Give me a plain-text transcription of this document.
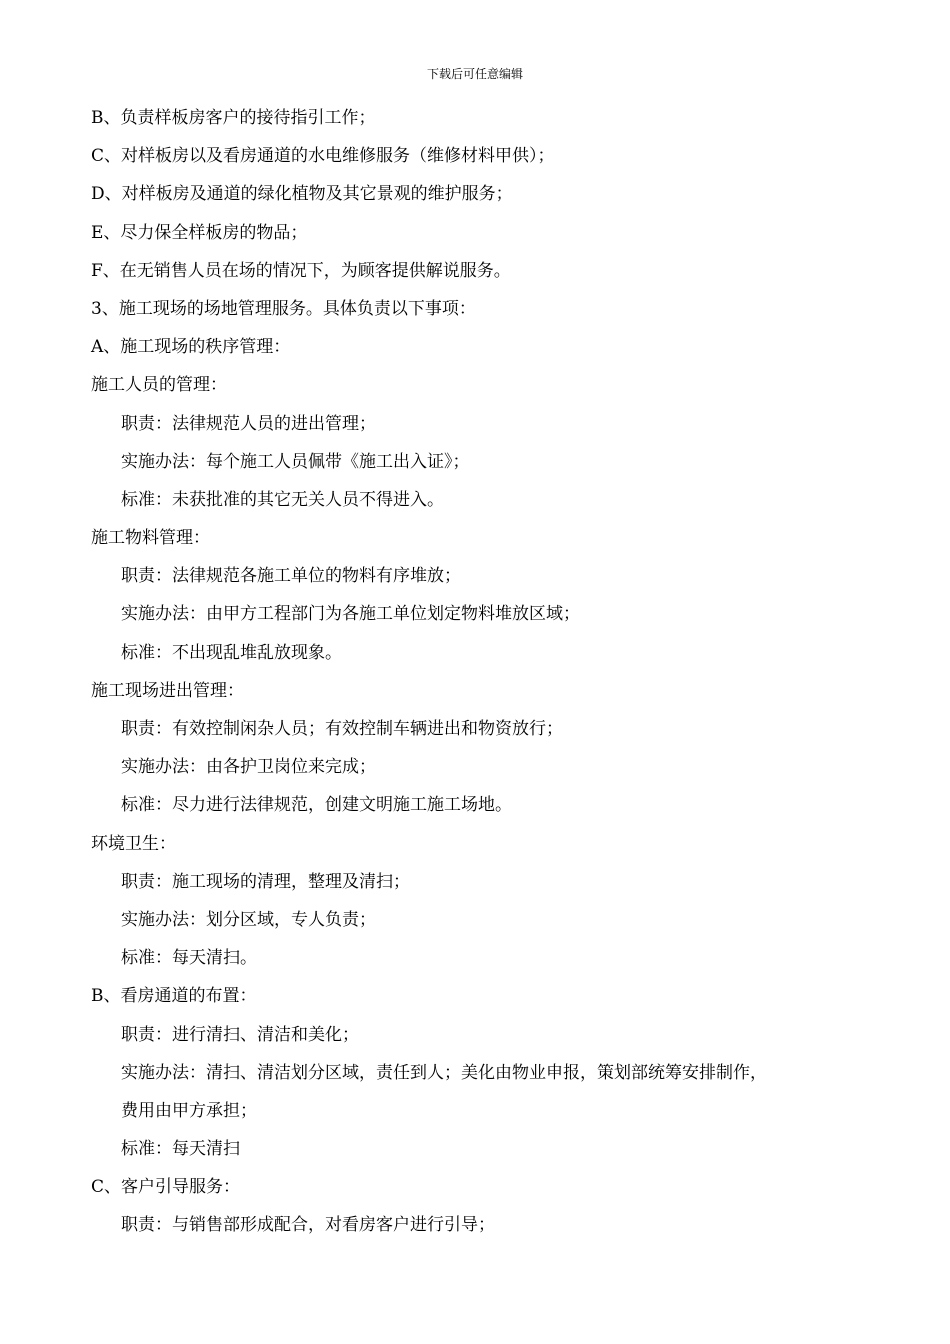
下载后可任意编辑
B、负责样板房客户的接待指引工作；
C、对样板房以及看房通道的水电维修服务（维修材料甲供）；
D、对样板房及通道的绿化植物及其它景观的维护服务；
E、尽力保全样板房的物品；
F、在无销售人员在场的情况下，为顾客提供解说服务。
3、施工现场的场地管理服务。具体负责以下事项：
A、施工现场的秩序管理：
施工人员的管理：
职责：法律规范人员的进出管理；
实施办法：每个施工人员佩带《施工出入证》；
标准：未获批准的其它无关人员不得进入。
施工物料管理：
职责：法律规范各施工单位的物料有序堆放；
实施办法：由甲方工程部门为各施工单位划定物料堆放区域；
标准：不出现乱堆乱放现象。
施工现场进出管理：
职责：有效控制闲杂人员；有效控制车辆进出和物资放行；
实施办法：由各护卫岗位来完成；
标准：尽力进行法律规范，创建文明施工施工场地。
环境卫生：
职责：施工现场的清理，整理及清扫；
实施办法：划分区域，专人负责；
标准：每天清扫。
B、看房通道的布置：
职责：进行清扫、清洁和美化；
实施办法：清扫、清洁划分区域，责任到人；美化由物业申报，策划部统筹安排制作，
费用由甲方承担；
标准：每天清扫
C、客户引导服务：
职责：与销售部形成配合，对看房客户进行引导；
